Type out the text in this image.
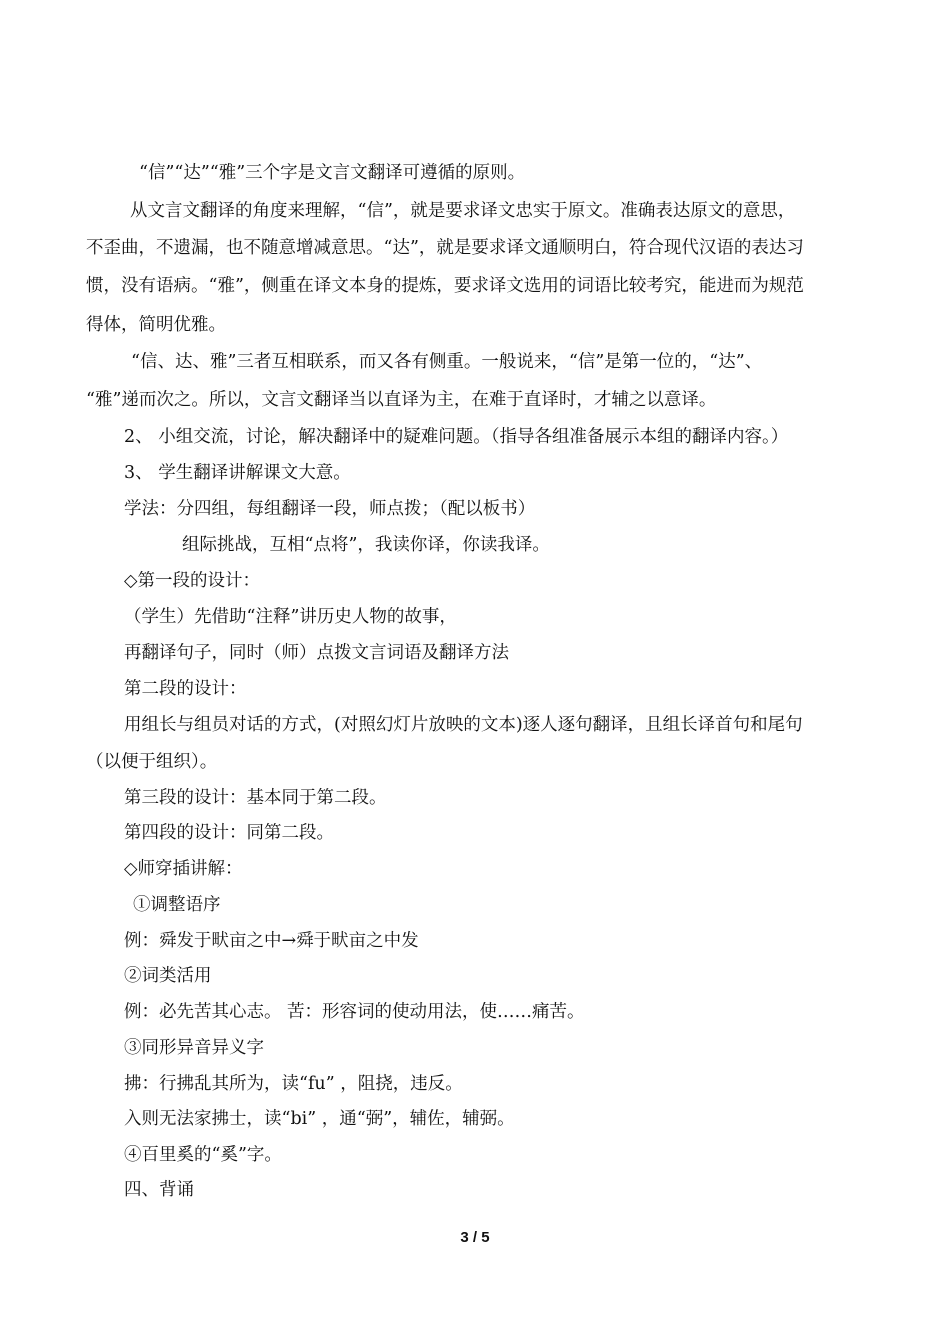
“信”“达”“雅”三个字是文言文翻译可遵循的原则。
从文言文翻译的角度来理解，“信”，就是要求译文忠实于原文。准确表达原文的意思，
不歪曲，不遗漏，也不随意增减意思。“达”，就是要求译文通顺明白，符合现代汉语的表达习
惯，没有语病。“雅”，侧重在译文本身的提炼，要求译文选用的词语比较考究，能进而为规范
得体，简明优雅。
“信、达、雅”三者互相联系，而又各有侧重。一般说来，“信”是第一位的，“达”、
“雅”递而次之。所以，文言文翻译当以直译为主，在难于直译时，才辅之以意译。
2、 小组交流，讨论，解决翻译中的疑难问题。（指导各组准备展示本组的翻译内容。）
3、 学生翻译讲解课文大意。
学法：分四组，每组翻译一段，师点拨；（配以板书）
组际挑战，互相“点将”，我读你译，你读我译。
◇第一段的设计：
（学生）先借助“注释”讲历史人物的故事，
再翻译句子，同时（师）点拨文言词语及翻译方法
第二段的设计：
用组长与组员对话的方式，(对照幻灯片放映的文本)逐人逐句翻译，且组长译首句和尾句
（以便于组织）。
第三段的设计：基本同于第二段。
第四段的设计：同第二段。
◇师穿插讲解：
①调整语序
例：舜发于畎亩之中→舜于畎亩之中发
②词类活用
例：必先苦其心志。 苦：形容词的使动用法，使……痛苦。
③同形异音异义字
拂：行拂乱其所为，读“fu” ，阻挠，违反。
入则无法家拂士，读“bi” ，通“弼”，辅佐，辅弼。
④百里奚的“奚”字。
四、背诵
3 / 5
